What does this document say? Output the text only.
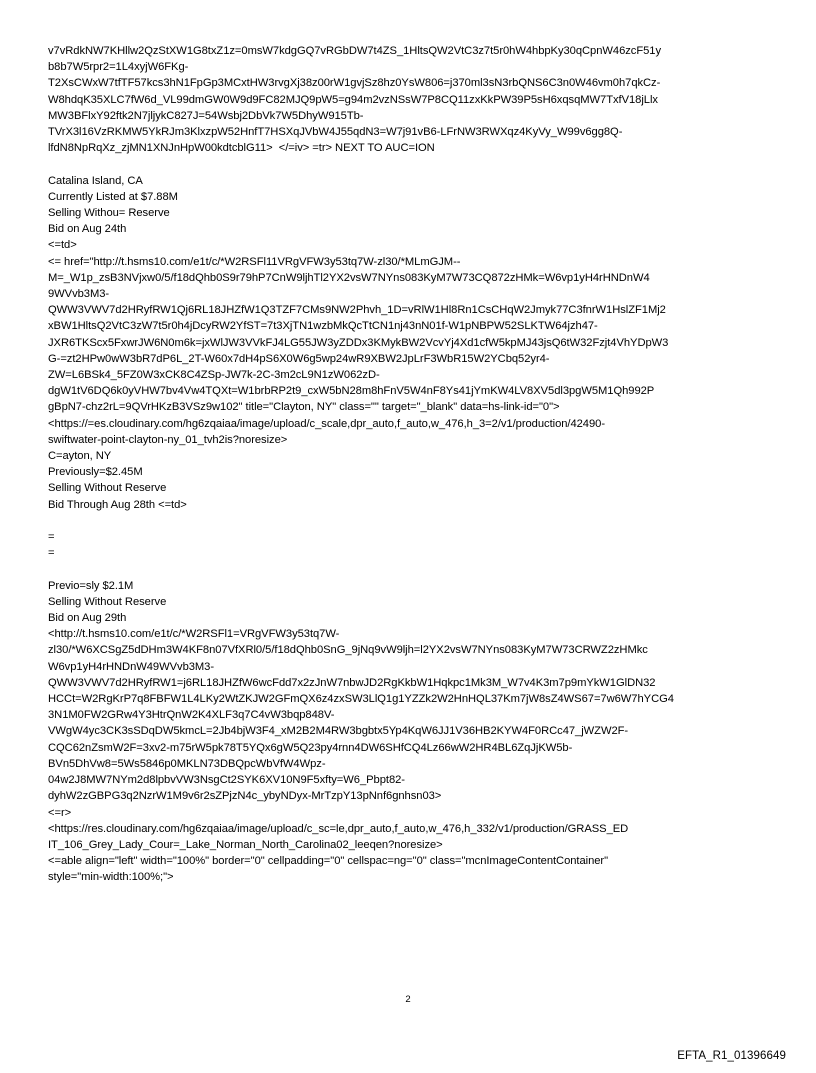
v7vRdkNW7KHllw2QzStXW1G8txZ1z=0msW7kdgGQ7vRGbDW7t4ZS_1HltsQW2VtC3z7t5r0hW4hbpKy30qCpnW46zcF51y
b8b7W5rpr2=1L4xyjW6FKg-
T2XsCWxW7tfTF57kcs3hN1FpGp3MCxtHW3rvgXj38z00rW1gvjSz8hz0YsW806=j370ml3sN3rbQNS6C3n0W46vm0h7qkCz-
W8hdqK35XLC7fW6d_VL99dmGW0W9d9FC82MJQ9pW5=g94m2vzNSsW7P8CQ11zxKkPW39P5sH6xqsqMW7TxfV18jLlx
MW3BFlxY92ftk2N7jljykC827J=54Wsbj2DbVk7W5DhyW915Tb-
TVrX3l16VzRKMW5YkRJm3KlxzpW52HnfT7HSXqJVbW4J55qdN3=W7j91vB6-LFrNW3RWXqz4KyVy_W99v6gg8Q-
lfdN8NpRqXz_zjMN1XNJnHpW00kdtcblG11>  </=iv> =tr> NEXT TO AUC=ION
Catalina Island, CA
Currently Listed at $7.88M
Selling Withou= Reserve
Bid on Aug 24th
<=td>
<= href="http://t.hsms10.com/e1t/c/*W2RSFl11VRgVFW3y53tq7W-zl30/*MLmGJM--
M=_W1p_zsB3NVjxw0/5/f18dQhb0S9r79hP7CnW9ljhTl2YX2vsW7NYns083KyM7W73CQ872zHMk=W6vp1yH4rHNDnW4
9WVvb3M3-
QWW3VWV7d2HRyfRW1Qj6RL18JHZfW1Q3TZF7CMs9NW2Phvh_1D=vRlW1Hl8Rn1CsCHqW2Jmyk77C3fnrW1HslZF1Mj2
xBW1HltsQ2VtC3zW7t5r0h4jDcyRW2YfST=7t3XjTN1wzbMkQcTtCN1nj43nN01f-W1pNBPW52SLKTW64jzh47-
JXR6TKScx5FxwrJW6N0m6k=jxWlJW3VVkFJ4LG55JW3yZDDx3KMykBW2VcvYj4Xd1cfW5kpMJ43jsQ6tW32Fzjt4VhYDpW3
G-=zt2HPw0wW3bR7dP6L_2T-W60x7dH4pS6X0W6g5wp24wR9XBW2JpLrF3WbR15W2YCbq52yr4-
ZW=L6BSk4_5FZ0W3xCK8C4ZSp-JW7k-2C-3m2cL9N1zW062zD-
dgW1tV6DQ6k0yVHW7bv4Vw4TQXt=W1brbRP2t9_cxW5bN28m8hFnV5W4nF8Ys41jYmKW4LV8XV5dl3pgW5M1Qh992P
gBpN7-chz2rL=9QVrHKzB3VSz9w102" title="Clayton, NY" class="" target="_blank" data=hs-link-id="0">
<https://=es.cloudinary.com/hg6zqaiaa/image/upload/c_scale,dpr_auto,f_auto,w_476,h_3=2/v1/production/42490-
swiftwater-point-clayton-ny_01_tvh2is?noresize>
C=ayton, NY
Previously=$2.45M
Selling Without Reserve
Bid Through Aug 28th <=td>
=
=
Previo=sly $2.1M
Selling Without Reserve
Bid on Aug 29th
<http://t.hsms10.com/e1t/c/*W2RSFl1=VRgVFW3y53tq7W-
zl30/*W6XCSgZ5dDHm3W4KF8n07VfXRl0/5/f18dQhb0SnG_9jNq9vW9ljh=l2YX2vsW7NYns083KyM7W73CRWZ2zHMkc
W6vp1yH4rHNDnW49WVvb3M3-
QWW3VWV7d2HRyfRW1=j6RL18JHZfW6wcFdd7x2zJnW7nbwJD2RgKkbW1Hqkpc1Mk3M_W7v4K3m7p9mYkW1GlDN32
HCCt=W2RgKrP7q8FBFW1L4LKy2WtZKJW2GFmQX6z4zxSW3LlQ1g1YZZk2W2HnHQL37Km7jW8sZ4WS67=7w6W7hYCG4
3N1M0FW2GRw4Y3HtrQnW2K4XLF3q7C4vW3bqp848V-
VWgW4yc3CK3sSDqDW5kmcL=2Jb4bjW3F4_xM2B2M4RW3bgbtx5Yp4KqW6JJ1V36HB2KYW4F0RCc47_jWZW2F-
CQC62nZsmW2F=3xv2-m75rW5pk78T5YQx6gW5Q23py4rnn4DW6SHfCQ4Lz66wW2HR4BL6ZqJjKW5b-
BVn5DhVw8=5Ws5846p0MKLN73DBQpcWbVfW4Wpz-
04w2J8MW7NYm2d8lpbvVW3NsgCt2SYK6XV10N9F5xfty=W6_Pbpt82-
dyhW2zGBPG3q2NzrW1M9v6r2sZPjzN4c_ybyNDyx-MrTzpY13pNnf6gnhsn03>
<=r>
<https://res.cloudinary.com/hg6zqaiaa/image/upload/c_sc=le,dpr_auto,f_auto,w_476,h_332/v1/production/GRASS_ED
IT_106_Grey_Lady_Cour=_Lake_Norman_North_Carolina02_leeqen?noresize>
<=able align="left" width="100%" border="0" cellpadding="0" cellspac=ng="0" class="mcnImageContentContainer"
style="min-width:100%;">
2
EFTA_R1_01396649
